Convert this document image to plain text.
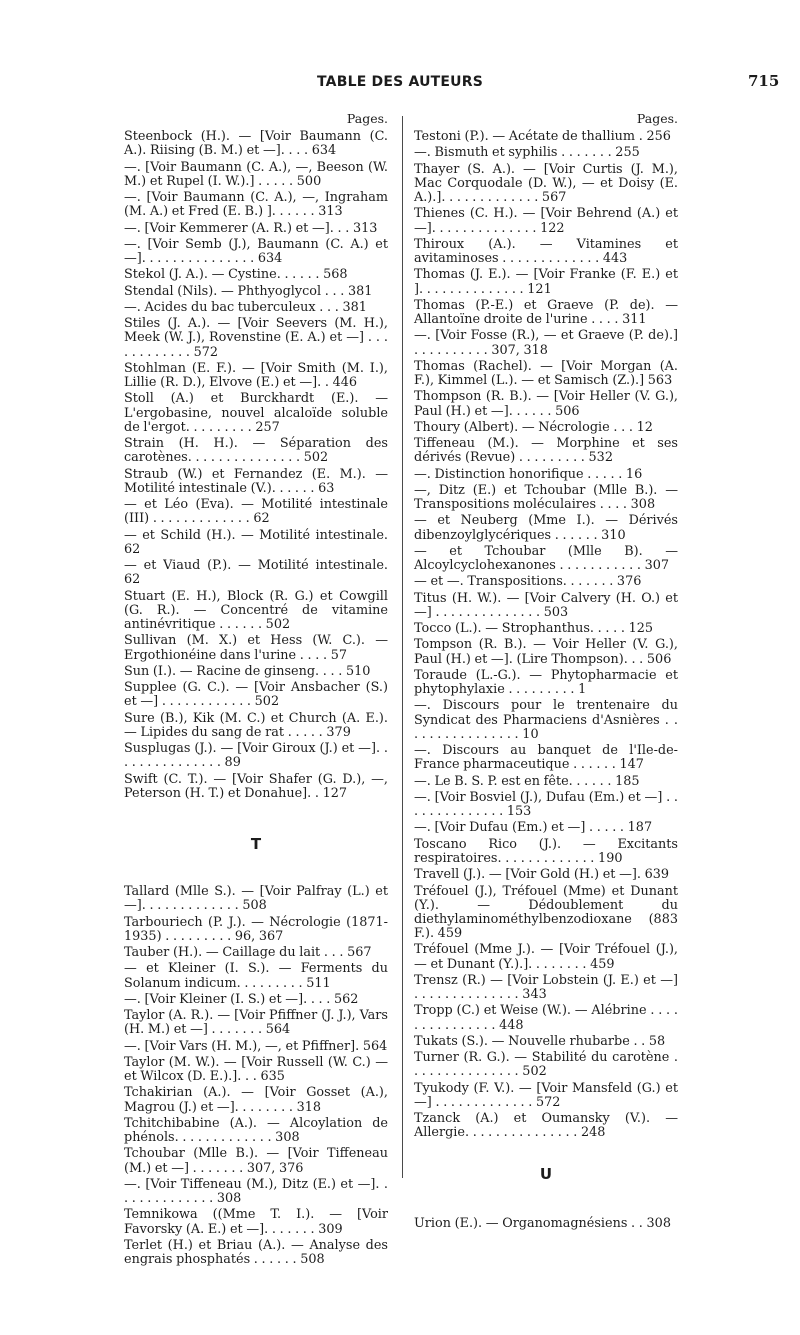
TABLE DES AUTEURS	715
Pages.
Steenbock (H.). — [Voir Baumann (C. A.). Riising (B. M.) et —]. . . . 634
—. [Voir Baumann (C. A.), —, Beeson (W. M.) et Rupel (I. W.).] . . . . . 500
—. [Voir Baumann (C. A.), —, Ingraham (M. A.) et Fred (E. B.) ]. . . . . . 313
—. [Voir Kemmerer (A. R.) et —]. . . 313
—. [Voir Semb (J.), Baumann (C. A.) et —]. . . . . . . . . . . . . . . 634
Stekol (J. A.). — Cystine. . . . . . 568
Stendal (Nils). — Phthyoglycol . . . 381
—. Acides du bac tuberculeux . . . 381
Stiles (J. A.). — [Voir Seevers (M. H.), Meek (W. J.), Rovenstine (E. A.) et —] . . . . . . . . . . . . 572
Stohlman (E. F.). — [Voir Smith (M. I.), Lillie (R. D.), Elvove (E.) et —]. . 446
Stoll (A.) et Burckhardt (E.). — L'ergobasine, nouvel alcaloïde soluble de l'ergot. . . . . . . . . 257
Strain (H. H.). — Séparation des carotènes. . . . . . . . . . . . . . . 502
Straub (W.) et Fernandez (E. M.). — Motilité intestinale (V.). . . . . . 63
— et Léo (Eva). — Motilité intestinale (III) . . . . . . . . . . . . . 62
— et Schild (H.). — Motilité intestinale. 62
— et Viaud (P.). — Motilité intestinale. 62
Stuart (E. H.), Block (R. G.) et Cowgill (G. R.). — Concentré de vitamine antinévritique . . . . . . 502
Sullivan (M. X.) et Hess (W. C.). — Ergothionéine dans l'urine . . . . 57
Sun (I.). — Racine de ginseng. . . . 510
Supplee (G. C.). — [Voir Ansbacher (S.) et —] . . . . . . . . . . . . 502
Sure (B.), Kik (M. C.) et Church (A. E.). — Lipides du sang de rat . . . . . 379
Susplugas (J.). — [Voir Giroux (J.) et —]. . . . . . . . . . . . . . . 89
Swift (C. T.). — [Voir Shafer (G. D.), —, Peterson (H. T.) et Donahue]. . 127
T
Tallard (Mlle S.). — [Voir Palfray (L.) et —]. . . . . . . . . . . . . 508
Tarbouriech (P. J.). — Nécrologie (1871-1935) . . . . . . . . . 96, 367
Tauber (H.). — Caillage du lait . . . 567
— et Kleiner (I. S.). — Ferments du Solanum indicum. . . . . . . . . 511
—. [Voir Kleiner (I. S.) et —]. . . . 562
Taylor (A. R.). — [Voir Pfiffner (J. J.), Vars (H. M.) et —] . . . . . . . 564
—. [Voir Vars (H. M.), —, et Pfiffner]. 564
Taylor (M. W.). — [Voir Russell (W. C.) — et Wilcox (D. E.).]. . . 635
Tchakirian (A.). — [Voir Gosset (A.), Magrou (J.) et —]. . . . . . . . 318
Tchitchibabine (A.). — Alcoylation de phénols. . . . . . . . . . . . . 308
Tchoubar (Mlle B.). — [Voir Tiffeneau (M.) et —] . . . . . . . 307, 376
—. [Voir Tiffeneau (M.), Ditz (E.) et —]. . . . . . . . . . . . . . 308
Temnikowa ((Mme T. I.). — [Voir Favorsky (A. E.) et —]. . . . . . . 309
Terlet (H.) et Briau (A.). — Analyse des engrais phosphatés . . . . . . 508
Pages.
Testoni (P.). — Acétate de thallium . 256
—. Bismuth et syphilis . . . . . . . 255
Thayer (S. A.). — [Voir Curtis (J. M.), Mac Corquodale (D. W.), — et Doisy (E. A.).]. . . . . . . . . . . . . 567
Thienes (C. H.). — [Voir Behrend (A.) et —]. . . . . . . . . . . . . . 122
Thiroux (A.). — Vitamines et avitaminoses . . . . . . . . . . . . . 443
Thomas (J. E.). — [Voir Franke (F. E.) et ]. . . . . . . . . . . . . . 121
Thomas (P.-E.) et Graeve (P. de). — Allantoïne droite de l'urine . . . . 311
—. [Voir Fosse (R.), — et Graeve (P. de).] . . . . . . . . . . 307, 318
Thomas (Rachel). — [Voir Morgan (A. F.), Kimmel (L.). — et Samisch (Z.).] 563
Thompson (R. B.). — [Voir Heller (V. G.), Paul (H.) et —]. . . . . . 506
Thoury (Albert). — Nécrologie . . . 12
Tiffeneau (M.). — Morphine et ses dérivés (Revue) . . . . . . . . . 532
—. Distinction honorifique . . . . . 16
—, Ditz (E.) et Tchoubar (Mlle B.). — Transpositions moléculaires . . . . 308
— et Neuberg (Mme I.). — Dérivés dibenzoylglycériques . . . . . . 310
— et Tchoubar (Mlle B). — Alcoylcyclohexanones . . . . . . . . . . . 307
— et —. Transpositions. . . . . . . 376
Titus (H. W.). — [Voir Calvery (H. O.) et —] . . . . . . . . . . . . . . 503
Tocco (L.). — Strophanthus. . . . . 125
Tompson (R. B.). — Voir Heller (V. G.), Paul (H.) et —]. (Lire Thompson). . . 506
Toraude (L.-G.). — Phytopharmacie et phytophylaxie . . . . . . . . . 1
—. Discours pour le trentenaire du Syndicat des Pharmaciens d'Asnières . . . . . . . . . . . . . . . . 10
—. Discours au banquet de l'Ile-de-France pharmaceutique . . . . . . 147
—. Le B. S. P. est en fête. . . . . . 185
—. [Voir Bosviel (J.), Dufau (Em.) et —] . . . . . . . . . . . . . . 153
—. [Voir Dufau (Em.) et —] . . . . . 187
Toscano Rico (J.). — Excitants respiratoires. . . . . . . . . . . . . 190
Travell (J.). — [Voir Gold (H.) et —]. 639
Tréfouel (J.), Tréfouel (Mme) et Dunant (Y.). — Dédoublement du diethylaminométhylbenzodioxane (883 F.). 459
Tréfouel (Mme J.). — [Voir Tréfouel (J.), — et Dunant (Y.).]. . . . . . . . 459
Trensz (R.) — [Voir Lobstein (J. E.) et —] . . . . . . . . . . . . . . 343
Tropp (C.) et Weise (W.). — Alébrine . . . . . . . . . . . . . . . 448
Tukats (S.). — Nouvelle rhubarbe . . 58
Turner (R. G.). — Stabilité du carotène . . . . . . . . . . . . . . . 502
Tyukody (F. V.). — [Voir Mansfeld (G.) et —] . . . . . . . . . . . . . 572
Tzanck (A.) et Oumansky (V.). — Allergie. . . . . . . . . . . . . . . 248
U
Urion (E.). — Organomagnésiens . . 308
